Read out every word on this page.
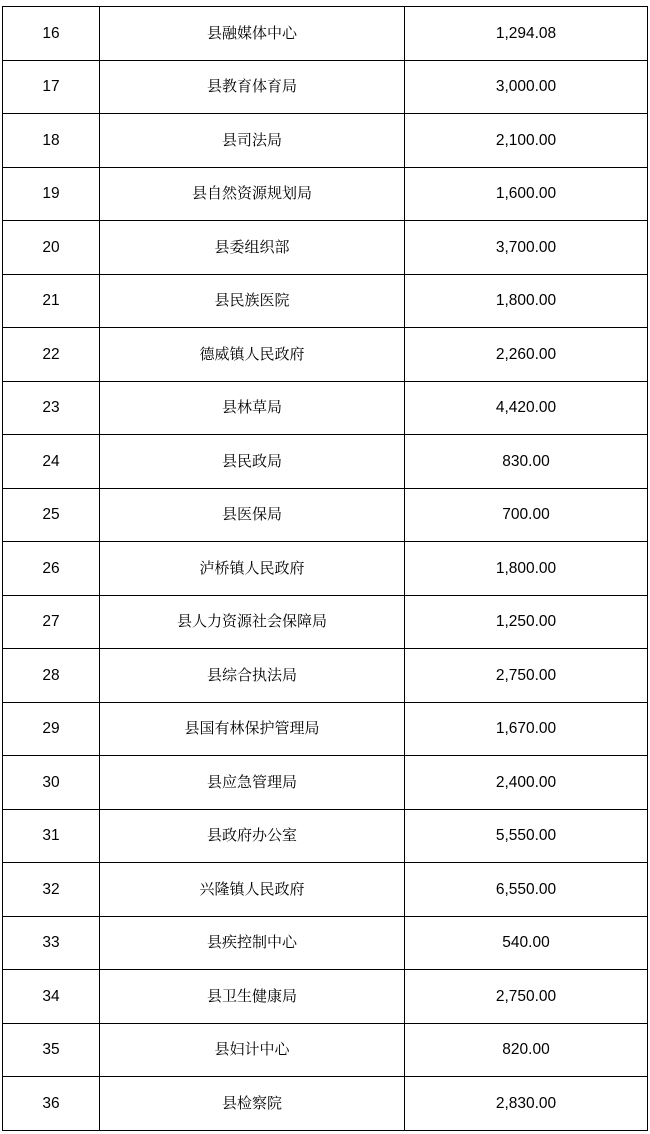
16	县融媒体中心	1,294.08
17	县教育体育局	3,000.00
18	县司法局	2,100.00
19	县自然资源规划局	1,600.00
20	县委组织部	3,700.00
21	县民族医院	1,800.00
22	德威镇人民政府	2,260.00
23	县林草局	4,420.00
24	县民政局	830.00
25	县医保局	700.00
26	泸桥镇人民政府	1,800.00
27	县人力资源社会保障局	1,250.00
28	县综合执法局	2,750.00
29	县国有林保护管理局	1,670.00
30	县应急管理局	2,400.00
31	县政府办公室	5,550.00
32	兴隆镇人民政府	6,550.00
33	县疾控制中心	540.00
34	县卫生健康局	2,750.00
35	县妇计中心	820.00
36	县检察院	2,830.00
